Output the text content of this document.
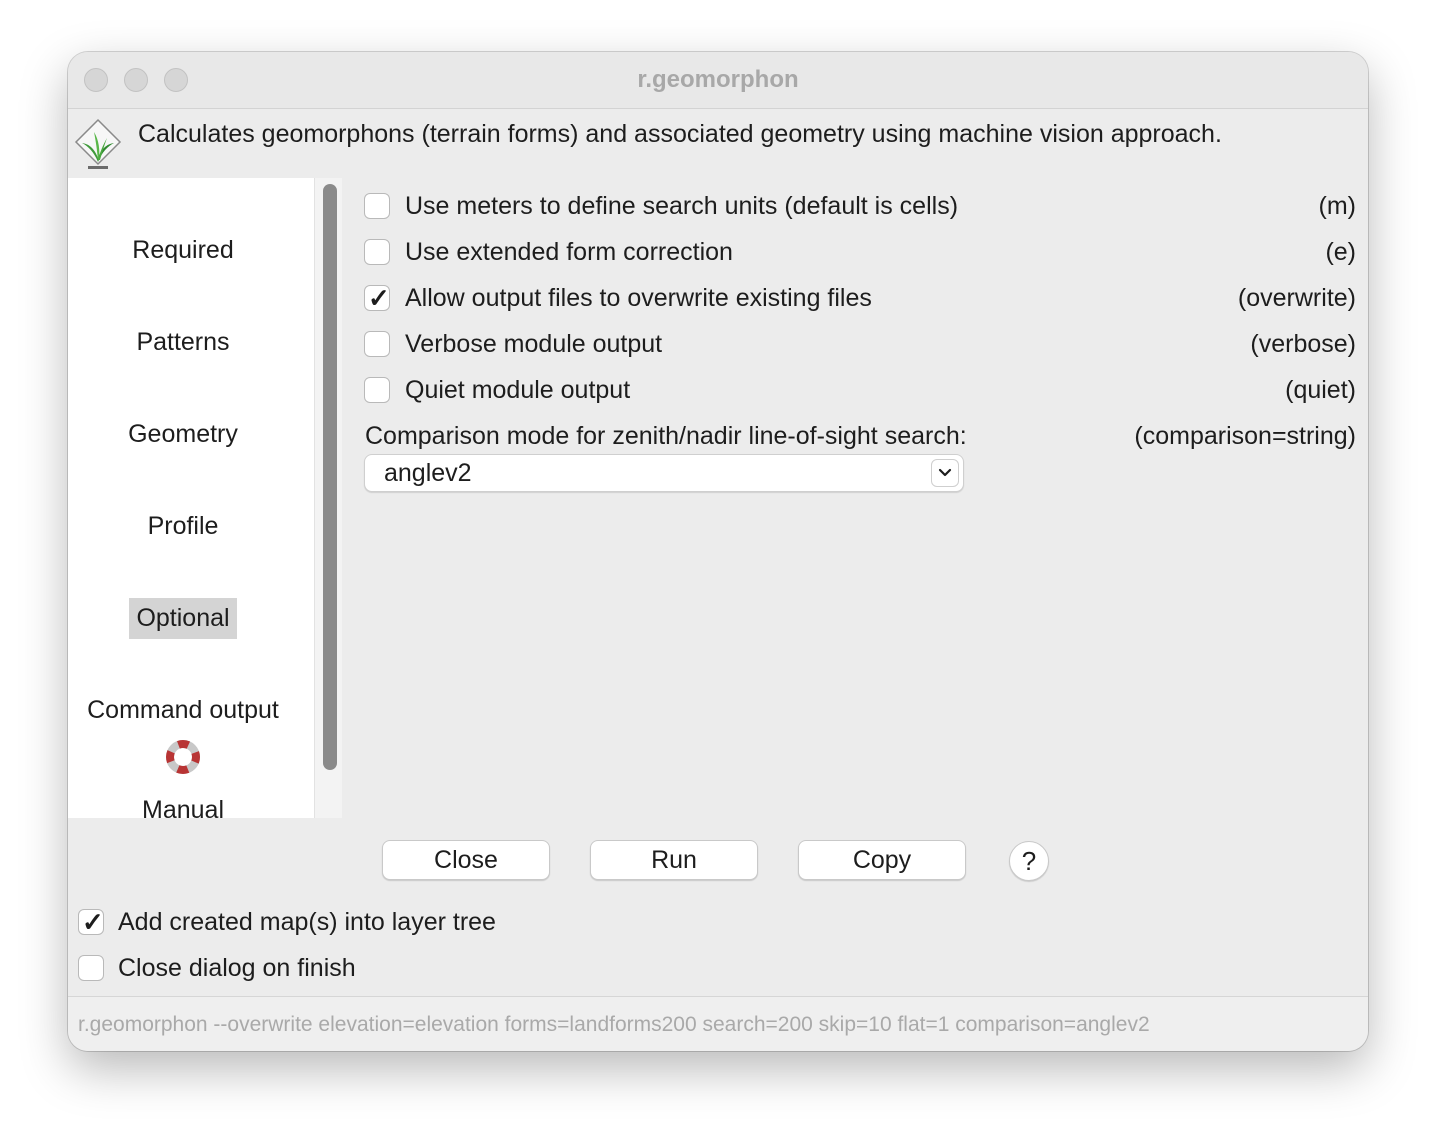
r.geomorphon
Calculates geomorphons (terrain forms) and associated geometry using machine vision approach.
Required
Patterns
Geometry
Profile
Optional
Command output
Manual
Use meters to define search units (default is cells)	(m)
Use extended form correction	(e)
✓ Allow output files to overwrite existing files	(overwrite)
Verbose module output	(verbose)
Quiet module output	(quiet)
Comparison mode for zenith/nadir line-of-sight search:	(comparison=string)
anglev2
Close	Run	Copy	?
✓ Add created map(s) into layer tree
Close dialog on finish
r.geomorphon --overwrite elevation=elevation forms=landforms200 search=200 skip=10 flat=1 comparison=anglev2
